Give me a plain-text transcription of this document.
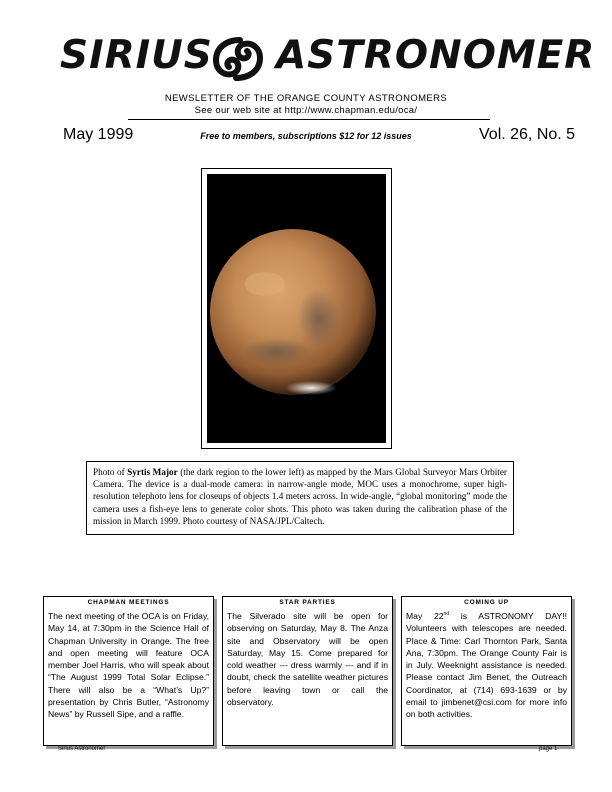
SIRIUS ASTRONOMER
NEWSLETTER OF THE ORANGE COUNTY ASTRONOMERS
See our web site at http://www.chapman.edu/oca/
May 1999	Free to members, subscriptions $12 for 12 issues	Vol. 26, No. 5
Photo of Syrtis Major (the dark region to the lower left) as mapped by the Mars Global Surveyor Mars Orbiter Camera. The device is a dual-mode camera: in narrow-angle mode, MOC uses a monochrome, super high-resolution telephoto lens for closeups of objects 1.4 meters across. In wide-angle, “global monitoring” mode the camera uses a fish-eye lens to generate color shots. This photo was taken during the calibration phase of the mission in March 1999. Photo courtesy of NASA/JPL/Caltech.
CHAPMAN MEETINGS
The next meeting of the OCA is on Friday, May 14, at 7:30pm in the Science Hall of Chapman University in Orange. The free and open meeting will feature OCA member Joel Harris, who will speak about “The August 1999 Total Solar Eclipse.” There will also be a “What’s Up?” presentation by Chris Butler, “Astronomy News” by Russell Sipe, and a raffle.
STAR PARTIES
The Silverado site will be open for observing on Saturday, May 8. The Anza site and Observatory will be open Saturday, May 15. Come prepared for cold weather --- dress warmly --- and if in doubt, check the satellite weather pictures before leaving town or call the observatory.
COMING UP
May 22nd is ASTRONOMY DAY!! Volunteers with telescopes are needed. Place & Time: Carl Thornton Park, Santa Ana, 7:30pm. The Orange County Fair is in July. Weeknight assistance is needed. Please contact Jim Benet, the Outreach Coordinator, at (714) 693-1639 or by email to jimbenet@csi.com for more info on both activities.
Sirius Astronomer	page 1
